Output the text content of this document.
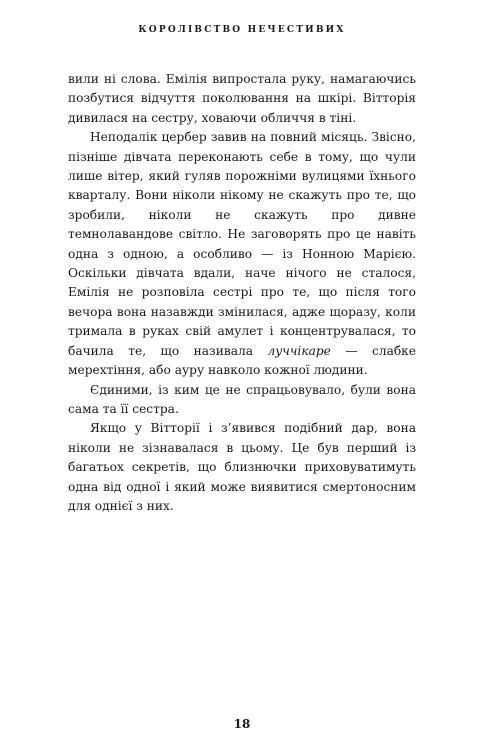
КОРОЛІВСТВО НЕЧЕСТИВИХ

вили ні слова. Емілія випростала руку, намагаючись позбутися відчуття поколювання на шкірі. Вітторія дивилася на сестру, ховаючи обличчя в тіні.

Неподалік цербер завив на повний місяць. Звісно, пізніше дівчата переконають себе в тому, що чули лише вітер, який гуляв порожніми вулицями їхнього кварталу. Вони ніколи нікому не скажуть про те, що зробили, ніколи не скажуть про дивне темнолавандове світло. Не заговорять про це навіть одна з одною, а особливо — із Нонною Марією. Оскільки дівчата вдали, наче нічого не сталося, Емілія не розповіла сестрі про те, що після того вечора вона назавжди змінилася, адже щоразу, коли тримала в руках свій амулет і концентрувалася, то бачила те, що називала луччікаре — слабке мерехтіння, або ауру навколо кожної людини.

Єдиними, із ким це не спрацьовувало, були вона сама та її сестра.

Якщо у Вітторії і з’явився подібний дар, вона ніколи не зізнавалася в цьому. Це був перший із багатьох секретів, що близнючки приховуватимуть одна від одної і який може виявитися смертоносним для однієї з них.

18
